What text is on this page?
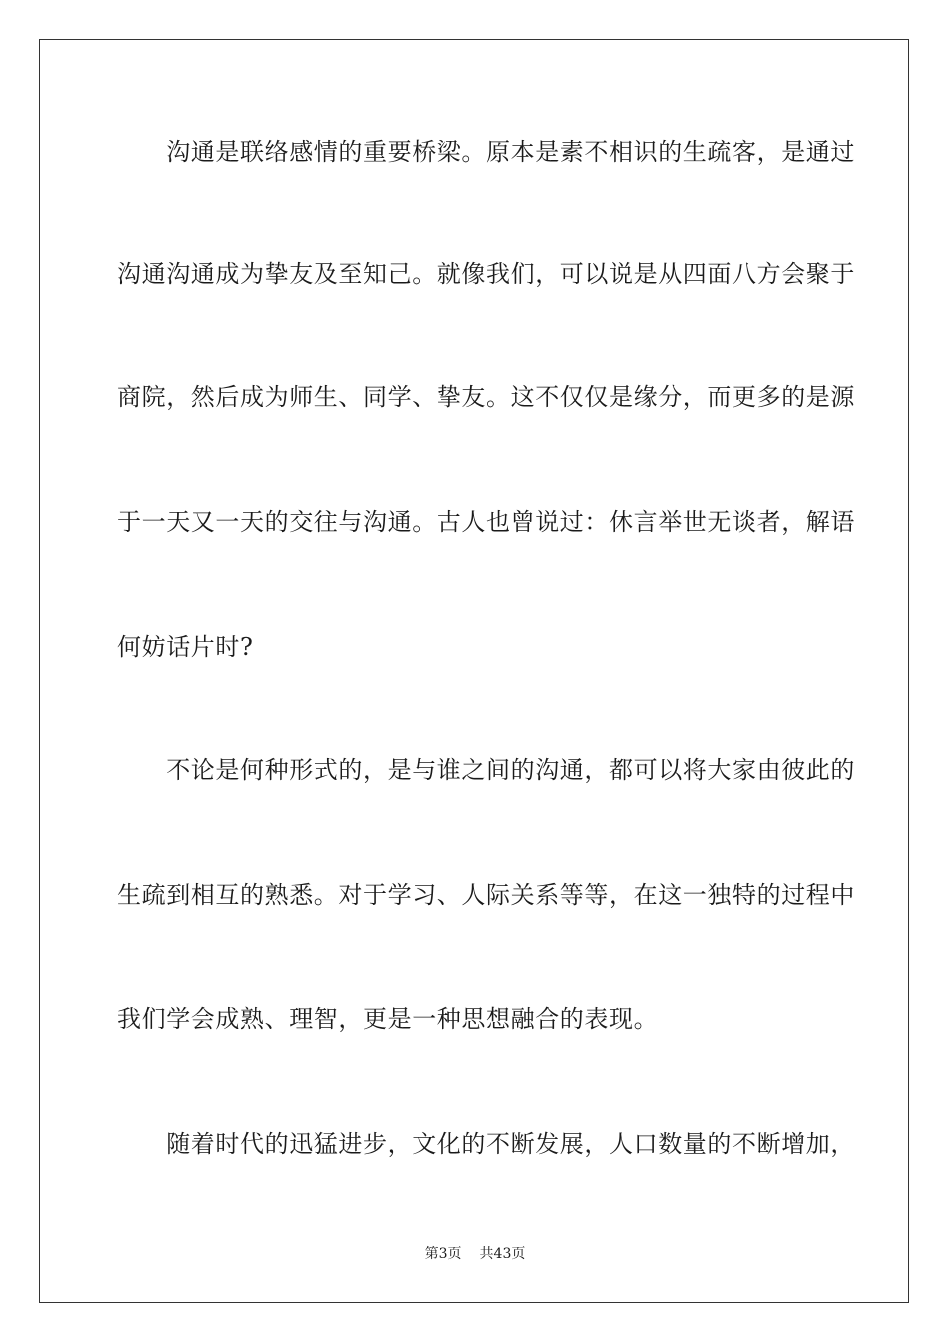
　　沟通是联络感情的重要桥梁。原本是素不相识的生疏客，是通过
沟通沟通成为挚友及至知己。就像我们，可以说是从四面八方会聚于
商院，然后成为师生、同学、挚友。这不仅仅是缘分，而更多的是源
于一天又一天的交往与沟通。古人也曾说过：休言举世无谈者，解语
何妨话片时?
　　不论是何种形式的，是与谁之间的沟通，都可以将大家由彼此的
生疏到相互的熟悉。对于学习、人际关系等等，在这一独特的过程中
我们学会成熟、理智，更是一种思想融合的表现。
　　随着时代的迅猛进步，文化的不断发展，人口数量的不断增加，
第3页 共43页
